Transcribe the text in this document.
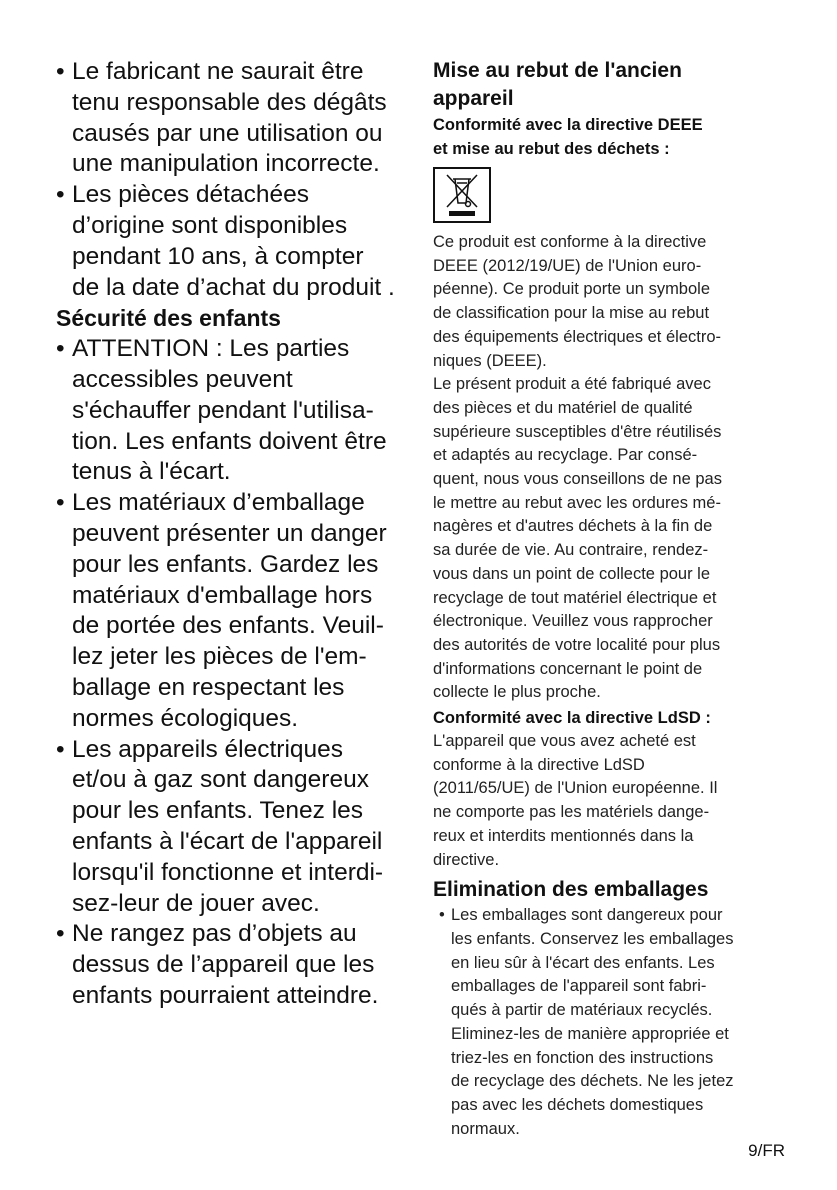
• Le fabricant ne saurait être
tenu responsable des dégâts
causés par une utilisation ou
une manipulation incorrecte.
• Les pièces détachées
d’origine sont disponibles
pendant 10 ans, à compter
de la date d’achat du produit .
Sécurité des enfants
• ATTENTION : Les parties
accessibles peuvent
s'échauffer pendant l'utilisa-
tion. Les enfants doivent être
tenus à l'écart.
• Les matériaux d’emballage
peuvent présenter un danger
pour les enfants. Gardez les
matériaux d'emballage hors
de portée des enfants. Veuil-
lez jeter les pièces de l'em-
ballage en respectant les
normes écologiques.
• Les appareils électriques
et/ou à gaz sont dangereux
pour les enfants. Tenez les
enfants à l'écart de l'appareil
lorsqu'il fonctionne et interdi-
sez-leur de jouer avec.
• Ne rangez pas d’objets au
dessus de l’appareil que les
enfants pourraient atteindre.
Mise au rebut de l'ancien
appareil
Conformité avec la directive DEEE
et mise au rebut des déchets :
Ce produit est conforme à la directive
DEEE (2012/19/UE) de l'Union euro-
péenne). Ce produit porte un symbole
de classification pour la mise au rebut
des équipements électriques et électro-
niques (DEEE).
Le présent produit a été fabriqué avec
des pièces et du matériel de qualité
supérieure susceptibles d'être réutilisés
et adaptés au recyclage. Par consé-
quent, nous vous conseillons de ne pas
le mettre au rebut avec les ordures mé-
nagères et d'autres déchets à la fin de
sa durée de vie. Au contraire, rendez-
vous dans un point de collecte pour le
recyclage de tout matériel électrique et
électronique. Veuillez vous rapprocher
des autorités de votre localité pour plus
d'informations concernant le point de
collecte le plus proche.
Conformité avec la directive LdSD :
L'appareil que vous avez acheté est
conforme à la directive LdSD
(2011/65/UE) de l'Union européenne. Il
ne comporte pas les matériels dange-
reux et interdits mentionnés dans la
directive.
Elimination des emballages
• Les emballages sont dangereux pour
les enfants. Conservez les emballages
en lieu sûr à l'écart des enfants. Les
emballages de l'appareil sont fabri-
qués à partir de matériaux recyclés.
Eliminez-les de manière appropriée et
triez-les en fonction des instructions
de recyclage des déchets. Ne les jetez
pas avec les déchets domestiques
normaux.
9/FR
